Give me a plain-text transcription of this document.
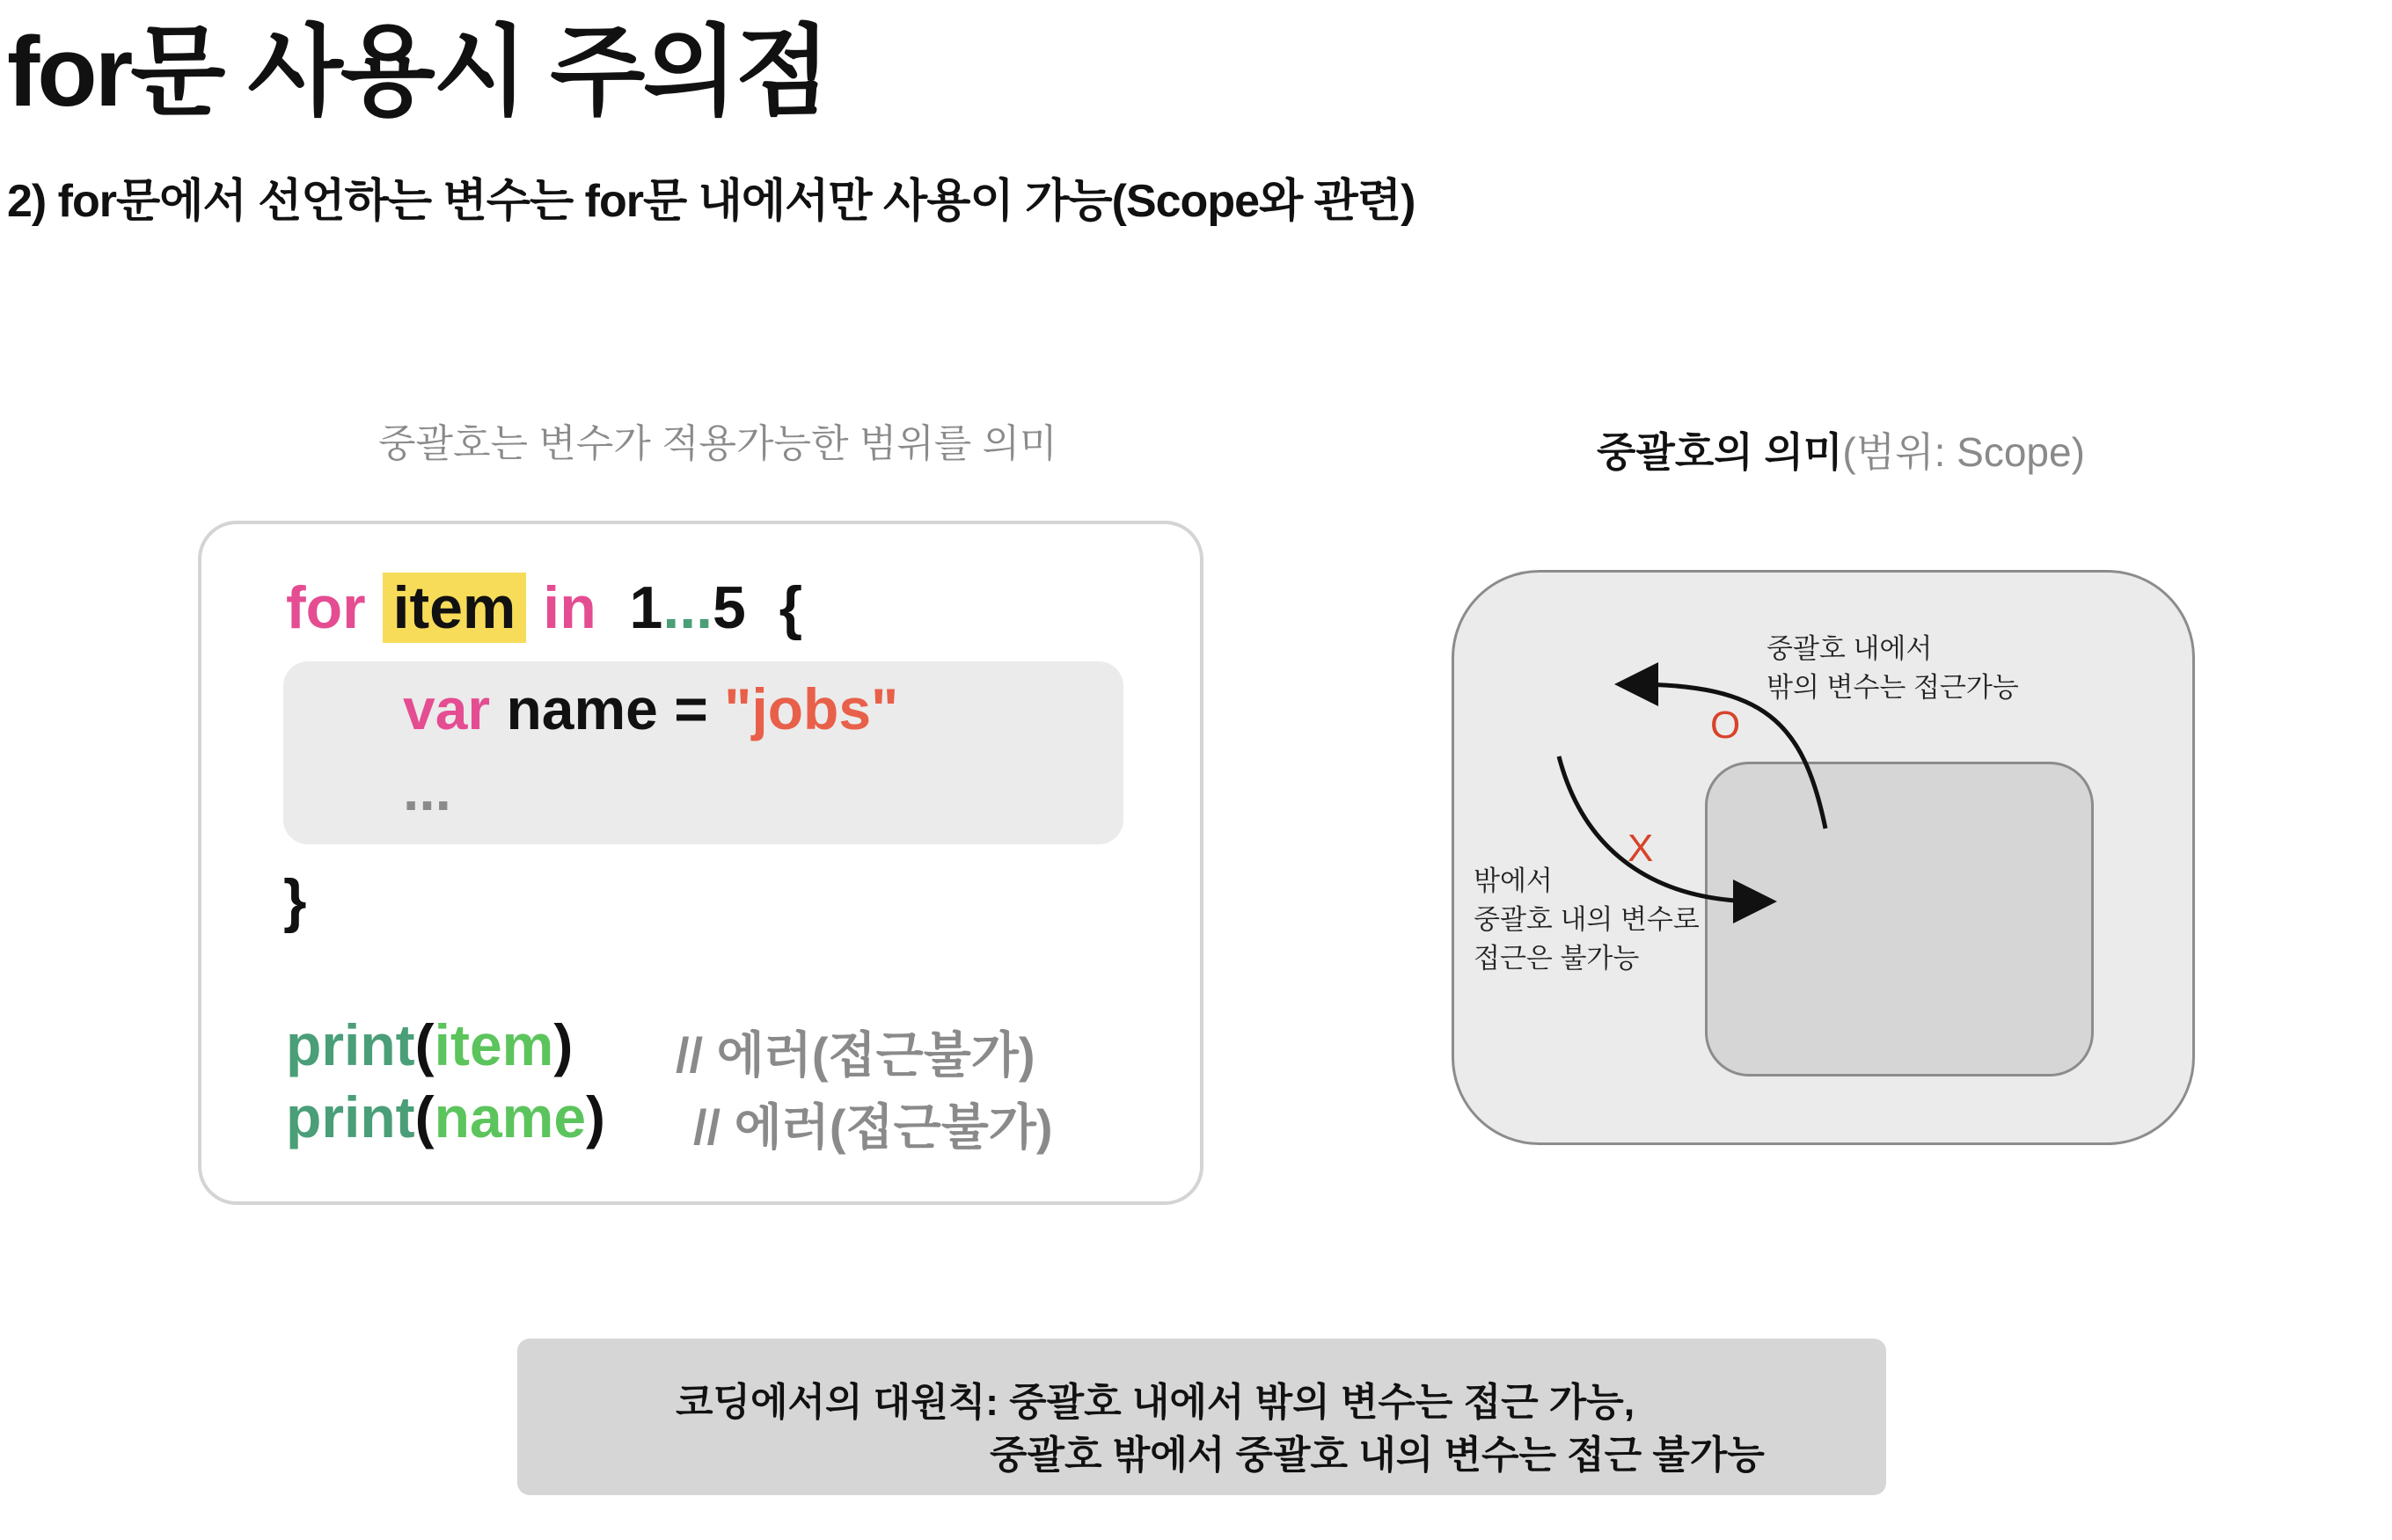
for문 사용시 주의점
2) for문에서 선언하는 변수는 for문 내에서만 사용이 가능(Scope와 관련)
중괄호는 변수가 적용가능한 범위를 의미
for item in 1...5 {
var name = "jobs"
...
}
print(item) // 에러(접근불가)
print(name) // 에러(접근불가)
중괄호의 의미(범위: Scope)
중괄호 내에서
밖의 변수는 접근가능
밖에서
중괄호 내의 변수로
접근은 불가능
O
X
코딩에서의 대원칙: 중괄호 내에서 밖의 변수는 접근 가능,
중괄호 밖에서 중괄호 내의 변수는 접근 불가능
